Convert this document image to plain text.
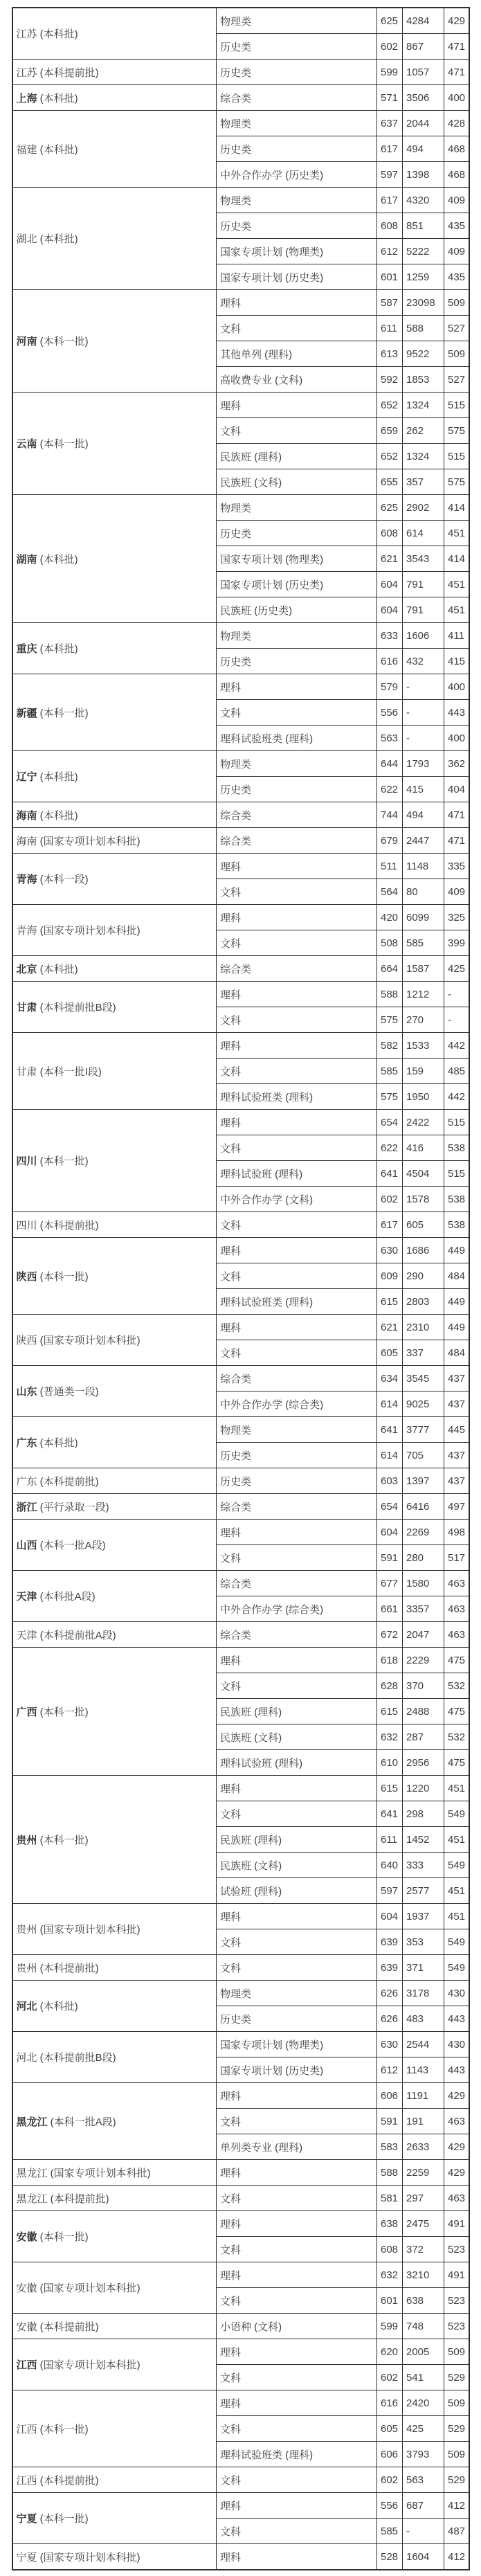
江苏 (本科批)	物理类	625	4284	429
	历史类	602	867	471
江苏 (本科提前批)	历史类	599	1057	471
上海 (本科批)	综合类	571	3506	400
福建 (本科批)	物理类	637	2044	428
	历史类	617	494	468
	中外合作办学 (历史类)	597	1398	468
湖北 (本科批)	物理类	617	4320	409
	历史类	608	851	435
	国家专项计划 (物理类)	612	5222	409
	国家专项计划 (历史类)	601	1259	435
河南 (本科一批)	理科	587	23098	509
	文科	611	588	527
	其他单列 (理科)	613	9522	509
	高收费专业 (文科)	592	1853	527
云南 (本科一批)	理科	652	1324	515
	文科	659	262	575
	民族班 (理科)	652	1324	515
	民族班 (文科)	655	357	575
湖南 (本科批)	物理类	625	2902	414
	历史类	608	614	451
	国家专项计划 (物理类)	621	3543	414
	国家专项计划 (历史类)	604	791	451
	民族班 (历史类)	604	791	451
重庆 (本科批)	物理类	633	1606	411
	历史类	616	432	415
新疆 (本科一批)	理科	579	-	400
	文科	556	-	443
	理科试验班类 (理科)	563	-	400
辽宁 (本科批)	物理类	644	1793	362
	历史类	622	415	404
海南 (本科批)	综合类	744	494	471
海南 (国家专项计划本科批)	综合类	679	2447	471
青海 (本科一段)	理科	511	1148	335
	文科	564	80	409
青海 (国家专项计划本科批)	理科	420	6099	325
	文科	508	585	399
北京 (本科批)	综合类	664	1587	425
甘肃 (本科提前批B段)	理科	588	1212	-
	文科	575	270	-
甘肃 (本科一批I段)	理科	582	1533	442
	文科	585	159	485
	理科试验班类 (理科)	575	1950	442
四川 (本科一批)	理科	654	2422	515
	文科	622	416	538
	理科试验班 (理科)	641	4504	515
	中外合作办学 (文科)	602	1578	538
四川 (本科提前批)	文科	617	605	538
陕西 (本科一批)	理科	630	1686	449
	文科	609	290	484
	理科试验班类 (理科)	615	2803	449
陕西 (国家专项计划本科批)	理科	621	2310	449
	文科	605	337	484
山东 (普通类一段)	综合类	634	3545	437
	中外合作办学 (综合类)	614	9025	437
广东 (本科批)	物理类	641	3777	445
	历史类	614	705	437
广东 (本科提前批)	历史类	603	1397	437
浙江 (平行录取一段)	综合类	654	6416	497
山西 (本科一批A段)	理科	604	2269	498
	文科	591	280	517
天津 (本科批A段)	综合类	677	1580	463
	中外合作办学 (综合类)	661	3357	463
天津 (本科提前批A段)	综合类	672	2047	463
广西 (本科一批)	理科	618	2229	475
	文科	628	370	532
	民族班 (理科)	615	2488	475
	民族班 (文科)	632	287	532
	理科试验班 (理科)	610	2956	475
贵州 (本科一批)	理科	615	1220	451
	文科	641	298	549
	民族班 (理科)	611	1452	451
	民族班 (文科)	640	333	549
	试验班 (理科)	597	2577	451
贵州 (国家专项计划本科批)	理科	604	1937	451
	文科	639	353	549
贵州 (本科提前批)	文科	639	371	549
河北 (本科批)	物理类	626	3178	430
	历史类	626	483	443
河北 (本科提前批B段)	国家专项计划 (物理类)	630	2544	430
	国家专项计划 (历史类)	612	1143	443
黑龙江 (本科一批A段)	理科	606	1191	429
	文科	591	191	463
	单列类专业 (理科)	583	2633	429
黑龙江 (国家专项计划本科批)	理科	588	2259	429
黑龙江 (本科提前批)	文科	581	297	463
安徽 (本科一批)	理科	638	2475	491
	文科	608	372	523
安徽 (国家专项计划本科批)	理科	632	3210	491
	文科	601	638	523
安徽 (本科提前批)	小语种 (文科)	599	748	523
江西 (国家专项计划本科批)	理科	620	2005	509
	文科	602	541	529
江西 (本科一批)	理科	616	2420	509
	文科	605	425	529
	理科试验班类 (理科)	606	3793	509
江西 (本科提前批)	文科	602	563	529
宁夏 (本科一批)	理科	556	687	412
	文科	585	-	487
宁夏 (国家专项计划本科批)	理科	528	1604	412
